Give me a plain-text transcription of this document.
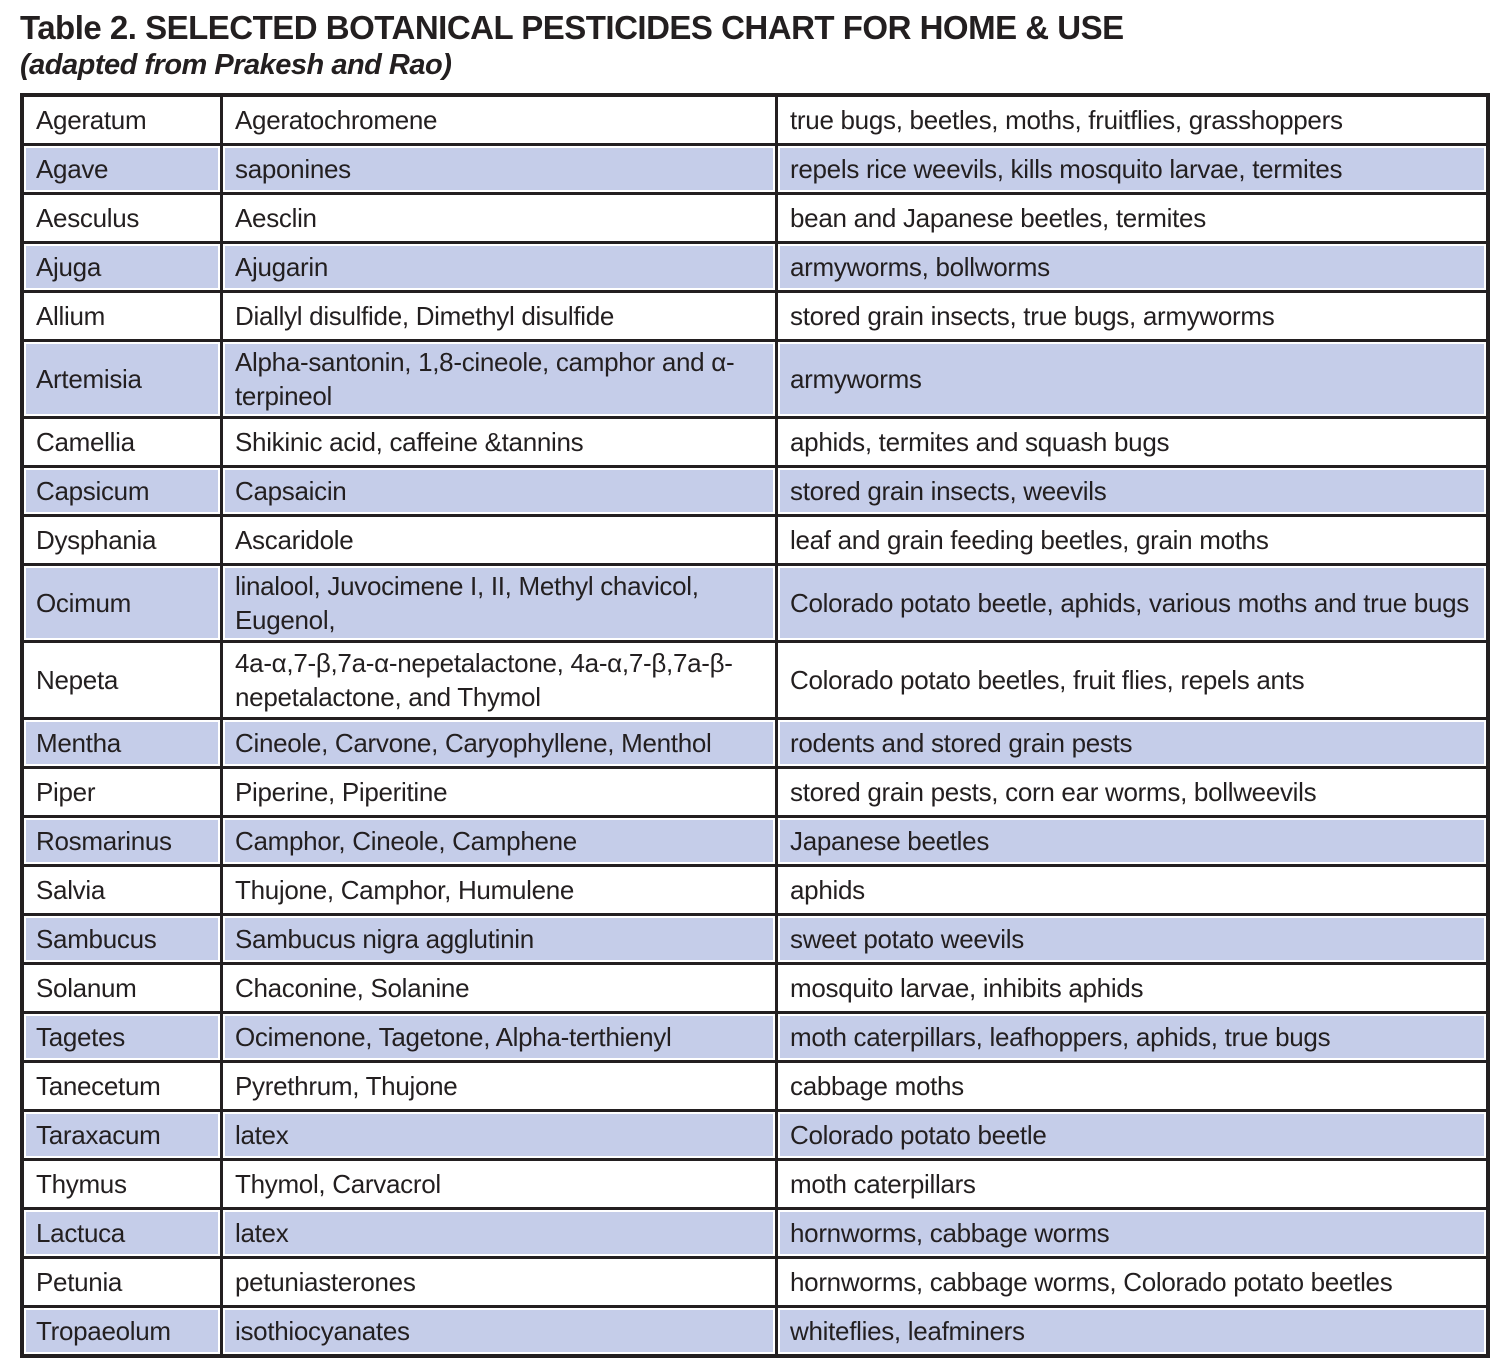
Table 2. SELECTED BOTANICAL PESTICIDES CHART FOR HOME & USE

(adapted from Prakesh and Rao)

Ageratum	Ageratochromene	true bugs, beetles, moths, fruitflies, grasshoppers
Agave	saponines	repels rice weevils, kills mosquito larvae, termites
Aesculus	Aesclin	bean and Japanese beetles, termites
Ajuga	Ajugarin	armyworms, bollworms
Allium	Diallyl disulfide, Dimethyl disulfide	stored grain insects, true bugs, armyworms
Artemisia	Alpha-santonin, 1,8-cineole, camphor and α-terpineol	armyworms
Camellia	Shikinic acid, caffeine &tannins	aphids, termites and squash bugs
Capsicum	Capsaicin	stored grain insects, weevils
Dysphania	Ascaridole	leaf and grain feeding beetles, grain moths
Ocimum	linalool, Juvocimene I, II, Methyl chavicol, Eugenol,	Colorado potato beetle, aphids, various moths and true bugs
Nepeta	4a-α,7-β,7a-α-nepetalactone, 4a-α,7-β,7a-β-nepetalactone, and Thymol	Colorado potato beetles, fruit flies, repels ants
Mentha	Cineole, Carvone, Caryophyllene, Menthol	rodents and stored grain pests
Piper	Piperine, Piperitine	stored grain pests, corn ear worms, bollweevils
Rosmarinus	Camphor, Cineole, Camphene	Japanese beetles
Salvia	Thujone, Camphor, Humulene	aphids
Sambucus	Sambucus nigra agglutinin	sweet potato weevils
Solanum	Chaconine, Solanine	mosquito larvae, inhibits aphids
Tagetes	Ocimenone, Tagetone, Alpha-terthienyl	moth caterpillars, leafhoppers, aphids, true bugs
Tanecetum	Pyrethrum, Thujone	cabbage moths
Taraxacum	latex	Colorado potato beetle
Thymus	Thymol, Carvacrol	moth caterpillars
Lactuca	latex	hornworms, cabbage worms
Petunia	petuniasterones	hornworms, cabbage worms, Colorado potato beetles
Tropaeolum	isothiocyanates	whiteflies, leafminers
